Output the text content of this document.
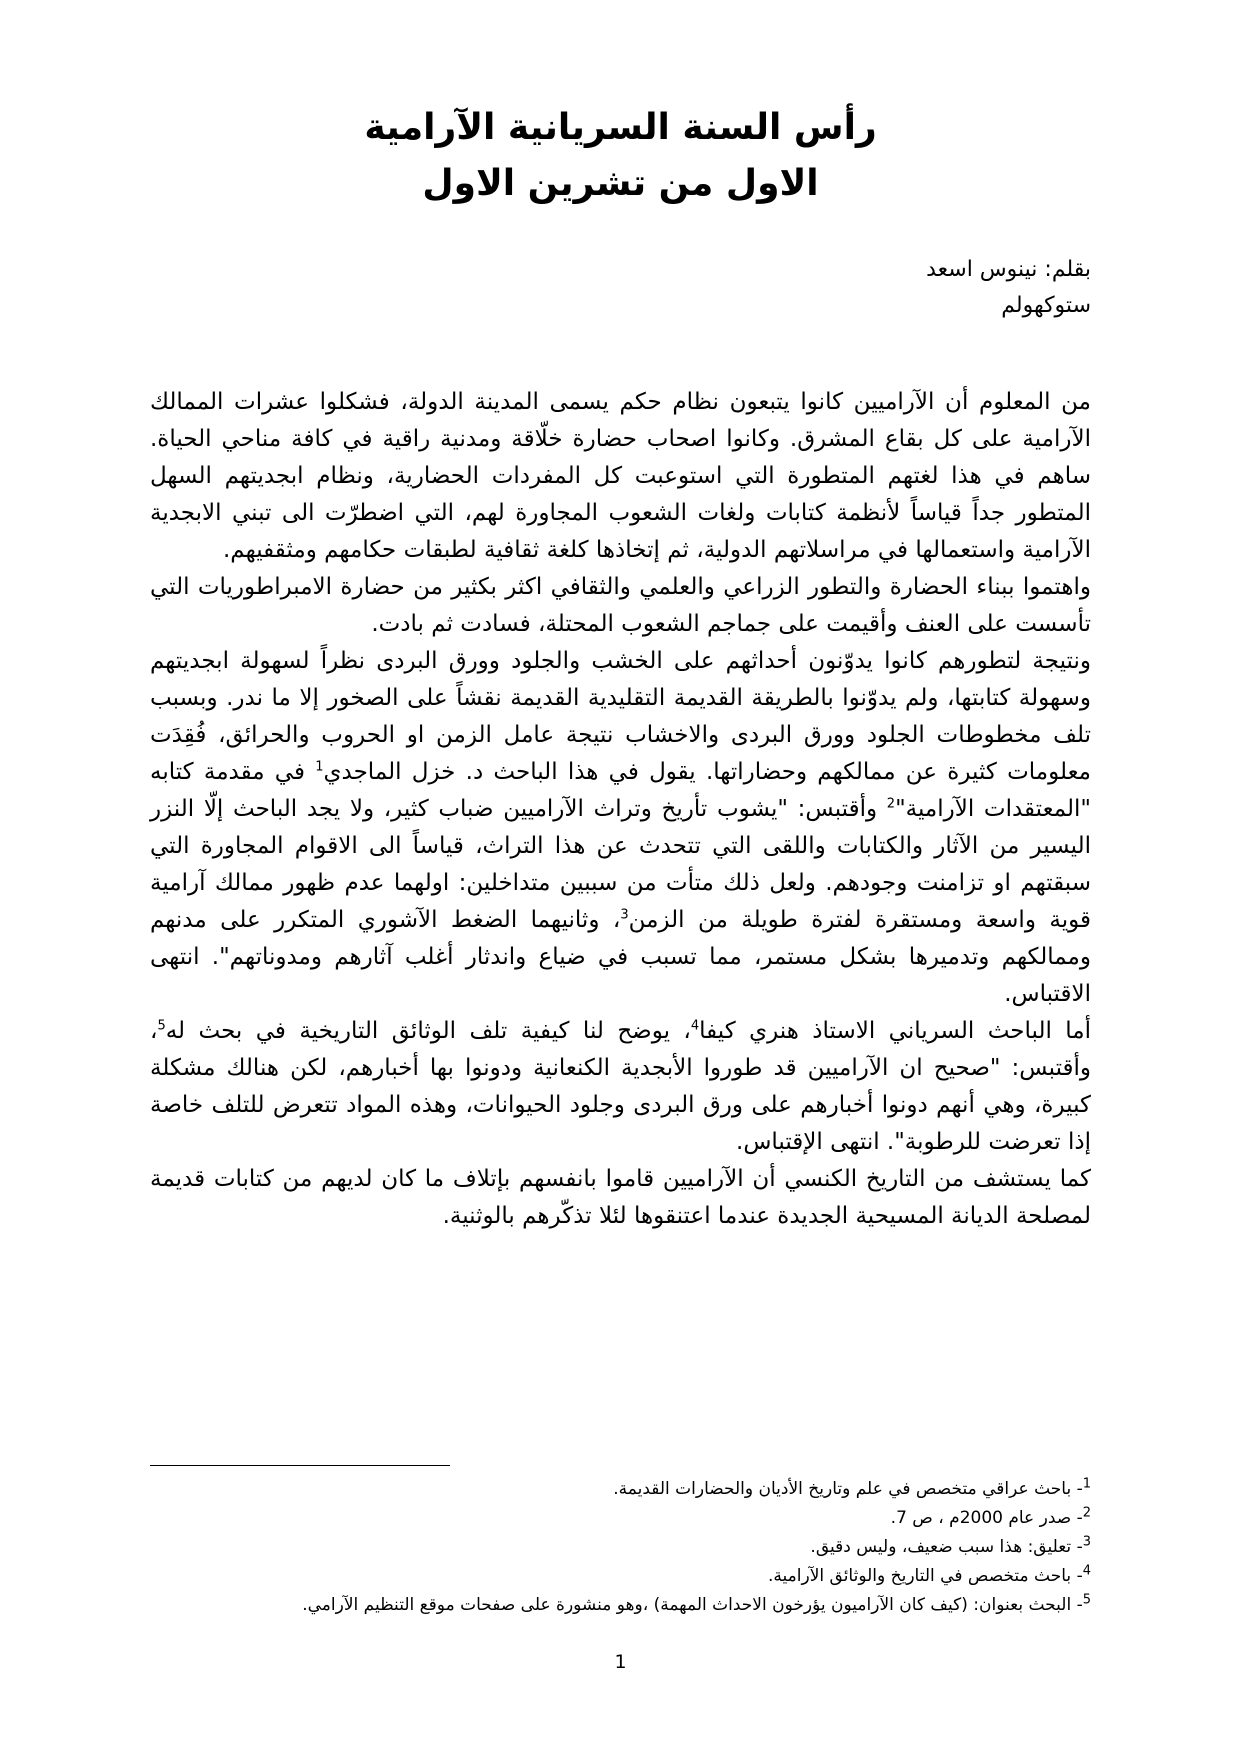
رأس السنة السريانية الآرامية
الاول من تشرين الاول
بقلم: نينوس اسعد
ستوكهولم

من المعلوم أن الآراميين كانوا يتبعون نظام حكم يسمى المدينة الدولة، فشكلوا عشرات الممالك الآرامية على كل بقاع المشرق. وكانوا اصحاب حضارة خلّاقة ومدنية راقية في كافة مناحي الحياة. ساهم في هذا لغتهم المتطورة التي استوعبت كل المفردات الحضارية، ونظام ابجديتهم السهل المتطور جداً قياساً لأنظمة كتابات ولغات الشعوب المجاورة لهم، التي اضطرّت الى تبني الابجدية الآرامية واستعمالها في مراسلاتهم الدولية، ثم إتخاذها كلغة ثقافية لطبقات حكامهم ومثقفيهم.

واهتموا ببناء الحضارة والتطور الزراعي والعلمي والثقافي اكثر بكثير من حضارة الامبراطوريات التي تأسست على العنف وأقيمت على جماجم الشعوب المحتلة، فسادت ثم بادت.

ونتيجة لتطورهم كانوا يدوّنون أحداثهم على الخشب والجلود وورق البردى نظراً لسهولة ابجديتهم وسهولة كتابتها، ولم يدوّنوا بالطريقة القديمة التقليدية القديمة نقشاً على الصخور إلا ما ندر. وبسبب تلف مخطوطات الجلود وورق البردى والاخشاب نتيجة عامل الزمن او الحروب والحرائق، فُقِدَت معلومات كثيرة عن ممالكهم وحضاراتها. يقول في هذا الباحث د. خزل الماجدي$^1$ في مقدمة كتابه "المعتقدات الآرامية"$^2$ وأقتبس: "يشوب تأريخ وتراث الآراميين ضباب كثير، ولا يجد الباحث إلّا النزر اليسير من الآثار والكتابات واللقى التي تتحدث عن هذا التراث، قياساً الى الاقوام المجاورة التي سبقتهم او تزامنت وجودهم. ولعل ذلك متأت من سببين متداخلين: اولهما عدم ظهور ممالك آرامية قوية واسعة ومستقرة لفترة طويلة من الزمن$^3$، وثانيهما الضغط الآشوري المتكرر على مدنهم وممالكهم وتدميرها بشكل مستمر، مما تسبب في ضياع واندثار أغلب آثارهم ومدوناتهم". انتهى الاقتباس.

أما الباحث السرياني الاستاذ هنري كيفا$^4$، يوضح لنا كيفية تلف الوثائق التاريخية في بحث له$^5$، وأقتبس: "صحيح ان الآراميين قد طوروا الأبجدية الكنعانية ودونوا بها أخبارهم، لكن هنالك مشكلة كبيرة، وهي أنهم دونوا أخبارهم على ورق البردى وجلود الحيوانات، وهذه المواد تتعرض للتلف خاصة إذا تعرضت للرطوبة". انتهى الإقتباس.

كما يستشف من التاريخ الكنسي أن الآراميين قاموا بانفسهم بإتلاف ما كان لديهم من كتابات قديمة لمصلحة الديانة المسيحية الجديدة عندما اعتنقوها لئلا تذكّرهم بالوثنية.

$^1$- باحث عراقي متخصص في علم وتاريخ الأديان والحضارات القديمة.
$^2$- صدر عام 2000م ، ص 7.
$^3$- تعليق: هذا سبب ضعيف، وليس دقيق.
$^4$- باحث متخصص في التاريخ والوثائق الآرامية.
$^5$- البحث بعنوان: (كيف كان الآراميون يؤرخون الاحداث المهمة) ،وهو منشورة على صفحات موقع التنظيم الآرامي.
1
